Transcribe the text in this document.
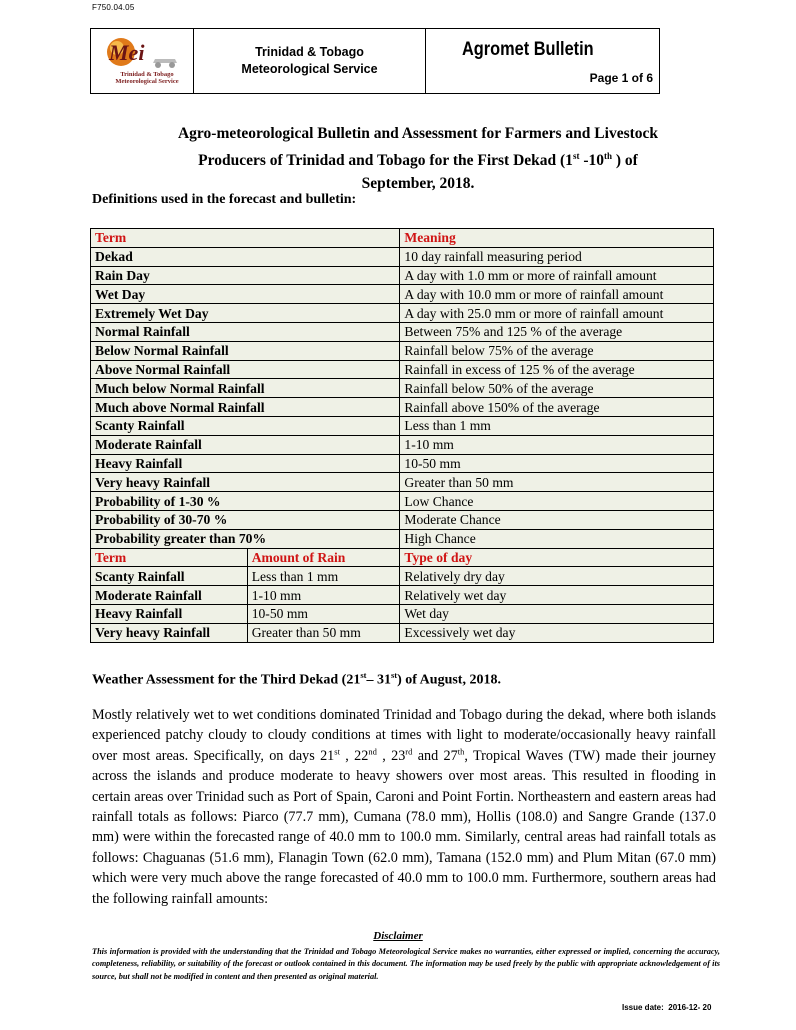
F750.04.05
Mei
Trinidad & Tobago
Meteorological Service
Trinidad & Tobago
Meteorological Service
Agromet Bulletin
Page 1 of 6
Agro-meteorological Bulletin and Assessment for Farmers and Livestock
Producers of Trinidad and Tobago for the First Dekad (1st -10th ) of
September, 2018.
Definitions used in the forecast and bulletin:
Term		Meaning
Dekad		10 day rainfall measuring period
Rain Day		A day with 1.0 mm or more of rainfall amount
Wet Day		A day with 10.0 mm or more of rainfall amount
Extremely Wet Day		A day with 25.0 mm or more of rainfall amount
Normal Rainfall		Between 75% and 125 % of the average
Below Normal Rainfall		Rainfall below 75% of the average
Above Normal Rainfall		Rainfall in excess of 125 % of the average
Much below Normal Rainfall		Rainfall below 50% of the average
Much above Normal Rainfall		Rainfall above 150% of the average
Scanty Rainfall		Less than 1 mm
Moderate Rainfall		1-10 mm
Heavy Rainfall		10-50 mm
Very heavy Rainfall		Greater than 50 mm
Probability of 1-30 %		Low Chance
Probability of 30-70 %		Moderate Chance
Probability greater than 70%		High Chance
Term	Amount of Rain	Type of day
Scanty Rainfall	Less than 1 mm	Relatively dry day
Moderate Rainfall	1-10 mm	Relatively wet day
Heavy Rainfall	10-50 mm	Wet day
Very heavy Rainfall	Greater than 50 mm	Excessively wet day
Weather Assessment for the Third Dekad (21st– 31st) of August, 2018.
Mostly relatively wet to wet conditions dominated Trinidad and Tobago during the dekad, where both islands experienced patchy cloudy to cloudy conditions at times with light to moderate/occasionally heavy rainfall over most areas. Specifically, on days 21st , 22nd , 23rd and 27th, Tropical Waves (TW) made their journey across the islands and produce moderate to heavy showers over most areas. This resulted in flooding in certain areas over Trinidad such as Port of Spain, Caroni and Point Fortin. Northeastern and eastern areas had rainfall totals as follows: Piarco (77.7 mm), Cumana (78.0 mm), Hollis (108.0) and Sangre Grande (137.0 mm) were within the forecasted range of 40.0 mm to 100.0 mm. Similarly, central areas had rainfall totals as follows: Chaguanas (51.6 mm), Flanagin Town (62.0 mm), Tamana (152.0 mm) and Plum Mitan (67.0 mm) which were very much above the range forecasted of 40.0 mm to 100.0 mm. Furthermore, southern areas had the following rainfall amounts:
Disclaimer
This information is provided with the understanding that the Trinidad and Tobago Meteorological Service makes no warranties, either expressed or implied, concerning the accuracy, completeness, reliability, or suitability of the forecast or outlook contained in this document. The information may be used freely by the public with appropriate acknowledgement of its source, but shall not be modified in content and then presented as original material.
Issue date: 2016-12- 20
